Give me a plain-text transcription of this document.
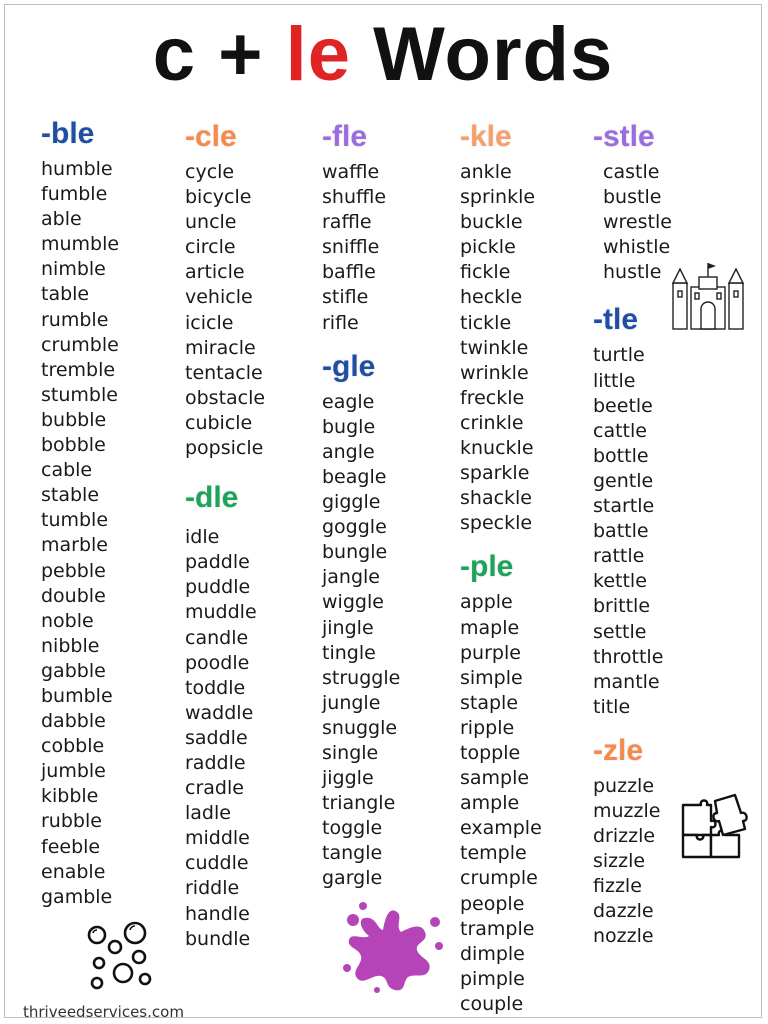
c + le Words
-ble
humble
fumble
able
mumble
nimble
table
rumble
crumble
tremble
stumble
bubble
bobble
cable
stable
tumble
marble
pebble
double
noble
nibble
gabble
bumble
dabble
cobble
jumble
kibble
rubble
feeble
enable
gamble
-cle
cycle
bicycle
uncle
circle
article
vehicle
icicle
miracle
tentacle
obstacle
cubicle
popsicle
-dle
idle
paddle
puddle
muddle
candle
poodle
toddle
waddle
saddle
raddle
cradle
ladle
middle
cuddle
riddle
handle
bundle
-fle
waffle
shuffle
raffle
sniffle
baffle
stifle
rifle
-gle
eagle
bugle
angle
beagle
giggle
goggle
bungle
jangle
wiggle
jingle
tingle
struggle
jungle
snuggle
single
jiggle
triangle
toggle
tangle
gargle
-kle
ankle
sprinkle
buckle
pickle
fickle
heckle
tickle
twinkle
wrinkle
freckle
crinkle
knuckle
sparkle
shackle
speckle
-ple
apple
maple
purple
simple
staple
ripple
topple
sample
ample
example
temple
crumple
people
trample
dimple
pimple
couple
-stle
castle
bustle
wrestle
whistle
hustle
-tle
turtle
little
beetle
cattle
bottle
gentle
startle
battle
rattle
kettle
brittle
settle
throttle
mantle
title
-zle
puzzle
muzzle
drizzle
sizzle
fizzle
dazzle
nozzle
thriveedservices.com
